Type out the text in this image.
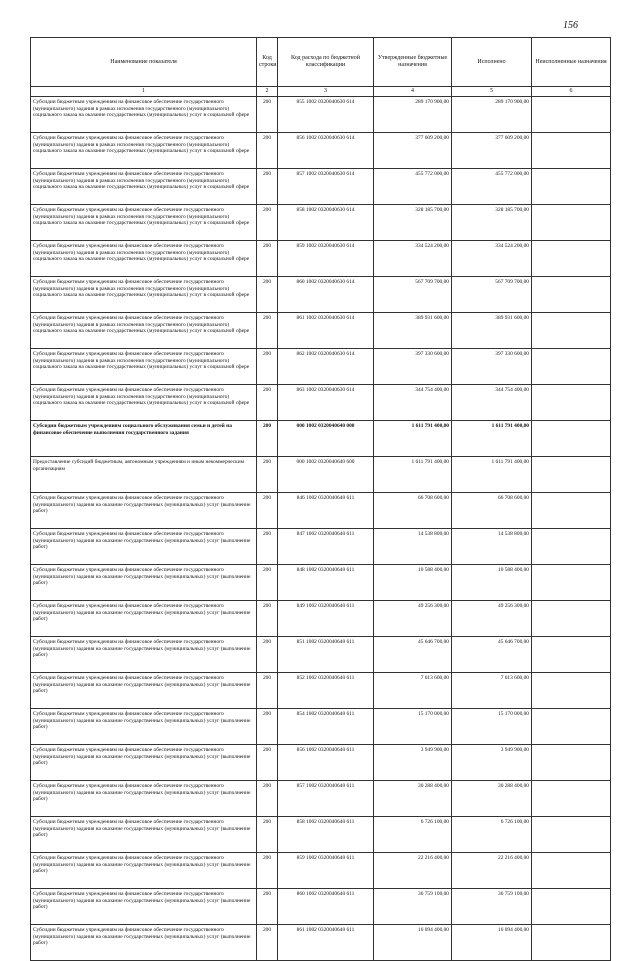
156
Наименование показателя	Код строки	Код расхода по бюджетной классификации	Утвержденные бюджетные назначения	Исполнено	Неисполненные назначения
1	2	3	4	5	6
Субсидии бюджетным учреждениям на финансовое обеспечение государственного (муниципального) задания в рамках исполнения государственного (муниципального) социального заказа на оказание государственных (муниципальных) услуг в социальной сфере	200	855 1002 0320040630 614	289 170 900,00	289 170 900,00	
Субсидии бюджетным учреждениям на финансовое обеспечение государственного (муниципального) задания в рамках исполнения государственного (муниципального) социального заказа на оказание государственных (муниципальных) услуг в социальной сфере	200	856 1002 0320040630 614	377 609 200,00	377 609 200,00	
Субсидии бюджетным учреждениям на финансовое обеспечение государственного (муниципального) задания в рамках исполнения государственного (муниципального) социального заказа на оказание государственных (муниципальных) услуг в социальной сфере	200	857 1002 0320040630 614	455 772 000,00	455 772 000,00	
Субсидии бюджетным учреждениям на финансовое обеспечение государственного (муниципального) задания в рамках исполнения государственного (муниципального) социального заказа на оказание государственных (муниципальных) услуг в социальной сфере	200	858 1002 0320040630 614	328 185 700,00	328 185 700,00	
Субсидии бюджетным учреждениям на финансовое обеспечение государственного (муниципального) задания в рамках исполнения государственного (муниципального) социального заказа на оказание государственных (муниципальных) услуг в социальной сфере	200	859 1002 0320040630 614	334 524 200,00	334 524 200,00	
Субсидии бюджетным учреждениям на финансовое обеспечение государственного (муниципального) задания в рамках исполнения государственного (муниципального) социального заказа на оказание государственных (муниципальных) услуг в социальной сфере	200	860 1002 0320040630 614	567 709 700,00	567 709 700,00	
Субсидии бюджетным учреждениям на финансовое обеспечение государственного (муниципального) задания в рамках исполнения государственного (муниципального) социального заказа на оказание государственных (муниципальных) услуг в социальной сфере	200	861 1002 0320040630 614	389 931 600,00	389 931 600,00	
Субсидии бюджетным учреждениям на финансовое обеспечение государственного (муниципального) задания в рамках исполнения государственного (муниципального) социального заказа на оказание государственных (муниципальных) услуг в социальной сфере	200	862 1002 0320040630 614	397 330 600,00	397 330 600,00	
Субсидии бюджетным учреждениям на финансовое обеспечение государственного (муниципального) задания в рамках исполнения государственного (муниципального) социального заказа на оказание государственных (муниципальных) услуг в социальной сфере	200	863 1002 0320040630 614	344 754 400,00	344 754 400,00	
Субсидии бюджетным учреждениям социального обслуживания семьи и детей на финансовое обеспечение выполнения государственного задания	200	000 1002 0320040640 000	1 611 791 400,00	1 611 791 400,00	
Предоставление субсидий бюджетным, автономным учреждениям и иным некоммерческим организациям	200	000 1002 0320040640 600	1 611 791 400,00	1 611 791 400,00	
Субсидии бюджетным учреждениям на финансовое обеспечение государственного (муниципального) задания на оказание государственных (муниципальных) услуг (выполнение работ)	200	846 1002 0320040640 611	66 708 600,00	66 708 600,00	
Субсидии бюджетным учреждениям на финансовое обеспечение государственного (муниципального) задания на оказание государственных (муниципальных) услуг (выполнение работ)	200	847 1002 0320040640 611	14 538 800,00	14 538 800,00	
Субсидии бюджетным учреждениям на финансовое обеспечение государственного (муниципального) задания на оказание государственных (муниципальных) услуг (выполнение работ)	200	848 1002 0320040640 611	10 588 400,00	10 588 400,00	
Субсидии бюджетным учреждениям на финансовое обеспечение государственного (муниципального) задания на оказание государственных (муниципальных) услуг (выполнение работ)	200	849 1002 0320040640 611	49 256 300,00	49 256 300,00	
Субсидии бюджетным учреждениям на финансовое обеспечение государственного (муниципального) задания на оказание государственных (муниципальных) услуг (выполнение работ)	200	851 1002 0320040640 611	45 646 700,00	45 646 700,00	
Субсидии бюджетным учреждениям на финансовое обеспечение государственного (муниципального) задания на оказание государственных (муниципальных) услуг (выполнение работ)	200	852 1002 0320040640 611	7 613 600,00	7 613 600,00	
Субсидии бюджетным учреждениям на финансовое обеспечение государственного (муниципального) задания на оказание государственных (муниципальных) услуг (выполнение работ)	200	854 1002 0320040640 611	15 170 000,00	15 170 000,00	
Субсидии бюджетным учреждениям на финансовое обеспечение государственного (муниципального) задания на оказание государственных (муниципальных) услуг (выполнение работ)	200	856 1002 0320040640 611	3 949 900,00	3 949 900,00	
Субсидии бюджетным учреждениям на финансовое обеспечение государственного (муниципального) задания на оказание государственных (муниципальных) услуг (выполнение работ)	200	857 1002 0320040640 611	30 288 400,00	30 288 400,00	
Субсидии бюджетным учреждениям на финансовое обеспечение государственного (муниципального) задания на оказание государственных (муниципальных) услуг (выполнение работ)	200	858 1002 0320040640 611	6 726 100,00	6 726 100,00	
Субсидии бюджетным учреждениям на финансовое обеспечение государственного (муниципального) задания на оказание государственных (муниципальных) услуг (выполнение работ)	200	859 1002 0320040640 611	22 216 400,00	22 216 400,00	
Субсидии бюджетным учреждениям на финансовое обеспечение государственного (муниципального) задания на оказание государственных (муниципальных) услуг (выполнение работ)	200	860 1002 0320040640 611	36 759 100,00	36 759 100,00	
Субсидии бюджетным учреждениям на финансовое обеспечение государственного (муниципального) задания на оказание государственных (муниципальных) услуг (выполнение работ)	200	861 1002 0320040640 611	16 094 400,00	16 094 400,00	
